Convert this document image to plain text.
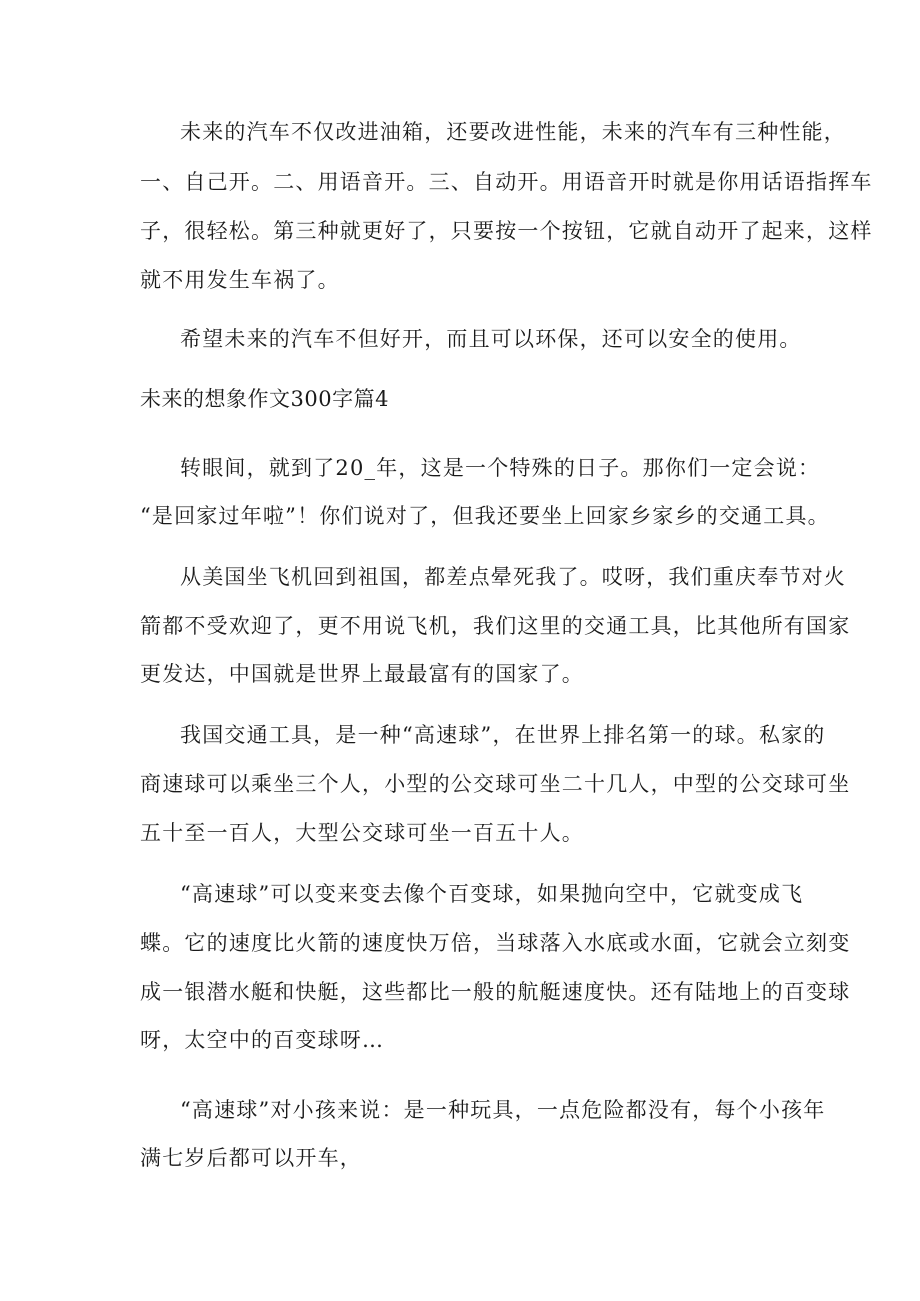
未来的汽车不仅改进油箱，还要改进性能，未来的汽车有三种性能，
一、自己开。二、用语音开。三、自动开。用语音开时就是你用话语指挥车
子，很轻松。第三种就更好了，只要按一个按钮，它就自动开了起来，这样
就不用发生车祸了。
希望未来的汽车不但好开，而且可以环保，还可以安全的使用。
未来的想象作文300字篇4
转眼间，就到了20_年，这是一个特殊的日子。那你们一定会说：
“是回家过年啦”！你们说对了，但我还要坐上回家乡家乡的交通工具。
从美国坐飞机回到祖国，都差点晕死我了。哎呀，我们重庆奉节对火
箭都不受欢迎了，更不用说飞机，我们这里的交通工具，比其他所有国家
更发达，中国就是世界上最最富有的国家了。
我国交通工具，是一种“高速球”，在世界上排名第一的球。私家的
商速球可以乘坐三个人，小型的公交球可坐二十几人，中型的公交球可坐
五十至一百人，大型公交球可坐一百五十人。
“高速球”可以变来变去像个百变球，如果抛向空中，它就变成飞
蝶。它的速度比火箭的速度快万倍，当球落入水底或水面，它就会立刻变
成一银潜水艇和快艇，这些都比一般的航艇速度快。还有陆地上的百变球
呀，太空中的百变球呀…
“高速球”对小孩来说：是一种玩具，一点危险都没有，每个小孩年
满七岁后都可以开车，
